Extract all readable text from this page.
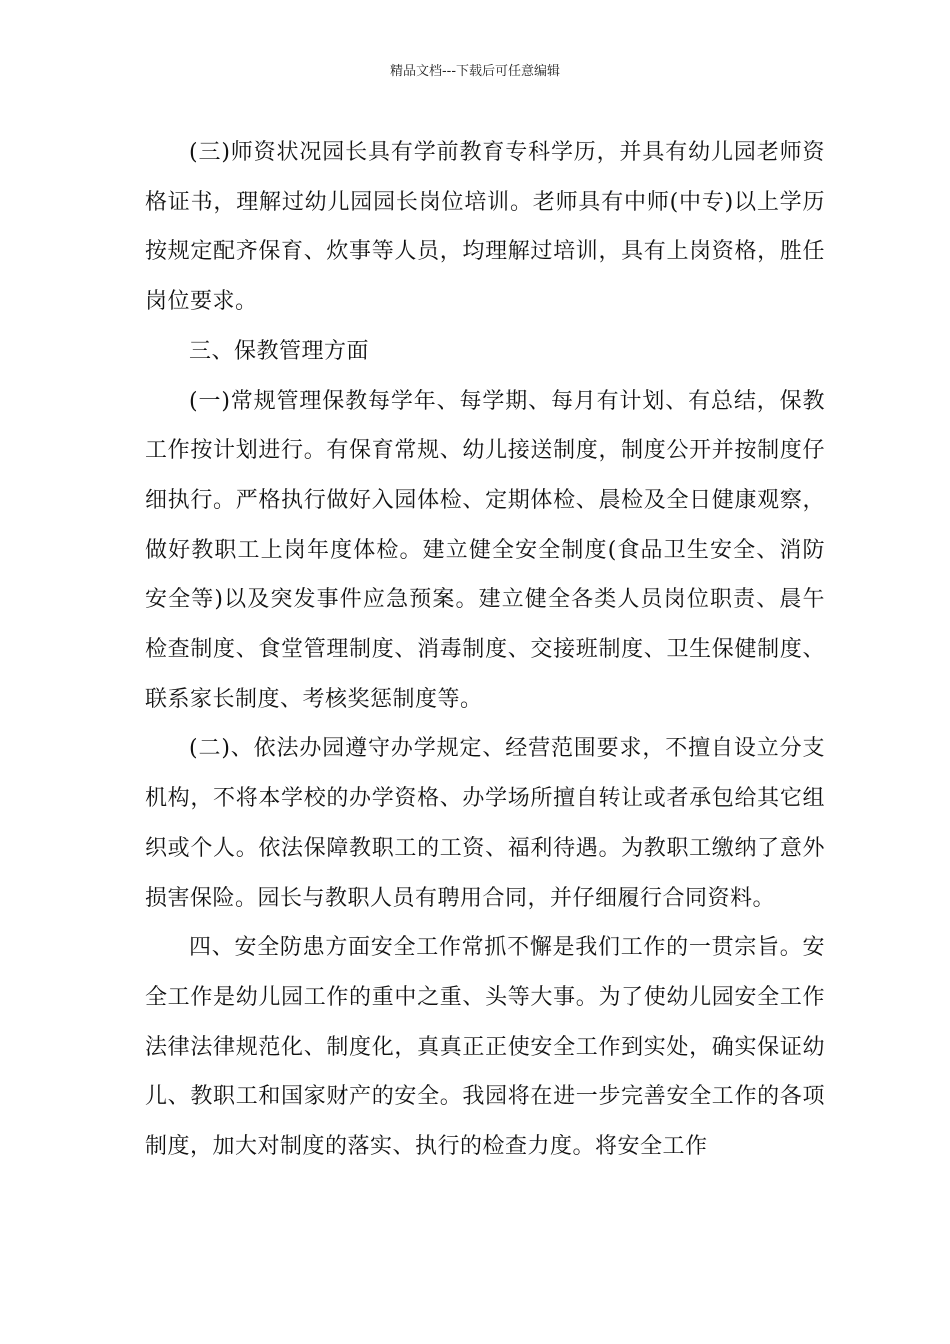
精品文档---下载后可任意编辑

(三)师资状况园长具有学前教育专科学历，并具有幼儿园老师资格证书，理解过幼儿园园长岗位培训。老师具有中师(中专)以上学历按规定配齐保育、炊事等人员，均理解过培训，具有上岗资格，胜任岗位要求。

三、保教管理方面

(一)常规管理保教每学年、每学期、每月有计划、有总结，保教工作按计划进行。有保育常规、幼儿接送制度，制度公开并按制度仔细执行。严格执行做好入园体检、定期体检、晨检及全日健康观察，做好教职工上岗年度体检。建立健全安全制度(食品卫生安全、消防安全等)以及突发事件应急预案。建立健全各类人员岗位职责、晨午检查制度、食堂管理制度、消毒制度、交接班制度、卫生保健制度、联系家长制度、考核奖惩制度等。

(二)、依法办园遵守办学规定、经营范围要求，不擅自设立分支机构，不将本学校的办学资格、办学场所擅自转让或者承包给其它组织或个人。依法保障教职工的工资、福利待遇。为教职工缴纳了意外损害保险。园长与教职人员有聘用合同，并仔细履行合同资料。

四、安全防患方面安全工作常抓不懈是我们工作的一贯宗旨。安全工作是幼儿园工作的重中之重、头等大事。为了使幼儿园安全工作法律法律规范化、制度化，真真正正使安全工作到实处，确实保证幼儿、教职工和国家财产的安全。我园将在进一步完善安全工作的各项制度，加大对制度的落实、执行的检查力度。将安全工作
